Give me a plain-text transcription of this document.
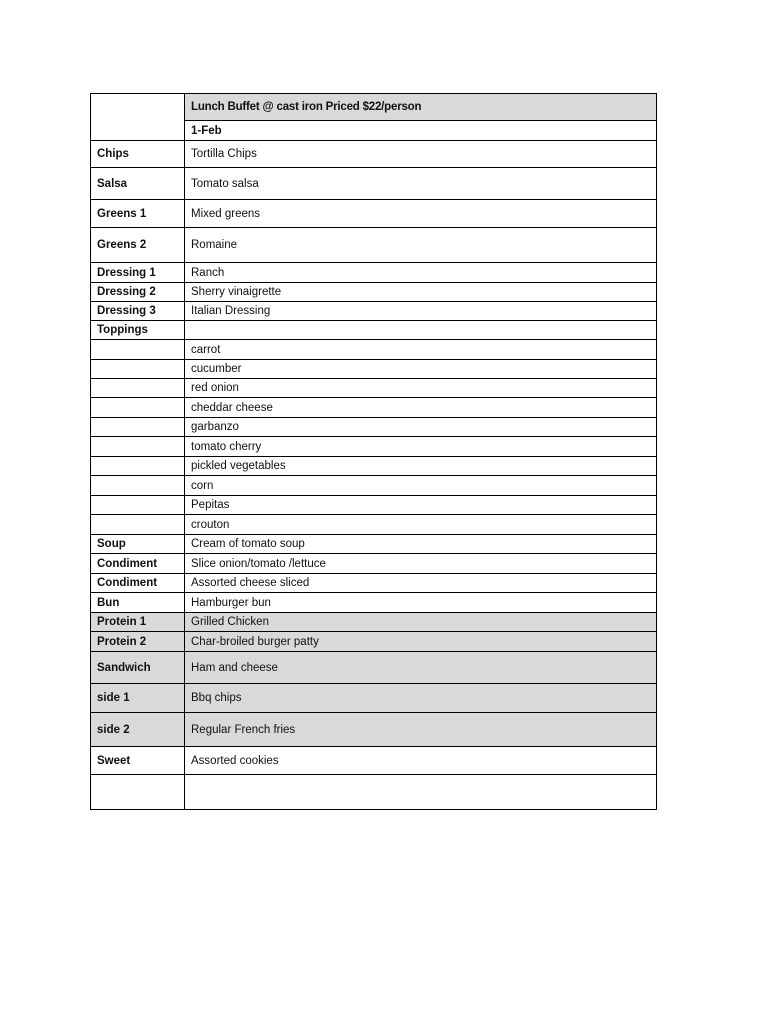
	Lunch Buffet @ cast iron Priced $22/person
	1-Feb
Chips	Tortilla Chips
Salsa	Tomato salsa
Greens 1	Mixed greens
Greens 2	Romaine
Dressing 1	Ranch
Dressing 2	Sherry vinaigrette
Dressing 3	Italian Dressing
Toppings	
	carrot
	cucumber
	red onion
	cheddar cheese
	garbanzo
	tomato cherry
	pickled vegetables
	corn
	Pepitas
	crouton
Soup	Cream of tomato soup
Condiment	Slice onion/tomato /lettuce
Condiment	Assorted cheese sliced
Bun	Hamburger bun
Protein 1	Grilled Chicken
Protein 2	Char-broiled burger patty
Sandwich	Ham and cheese
side 1	Bbq chips
side 2	Regular French fries
Sweet	Assorted cookies
